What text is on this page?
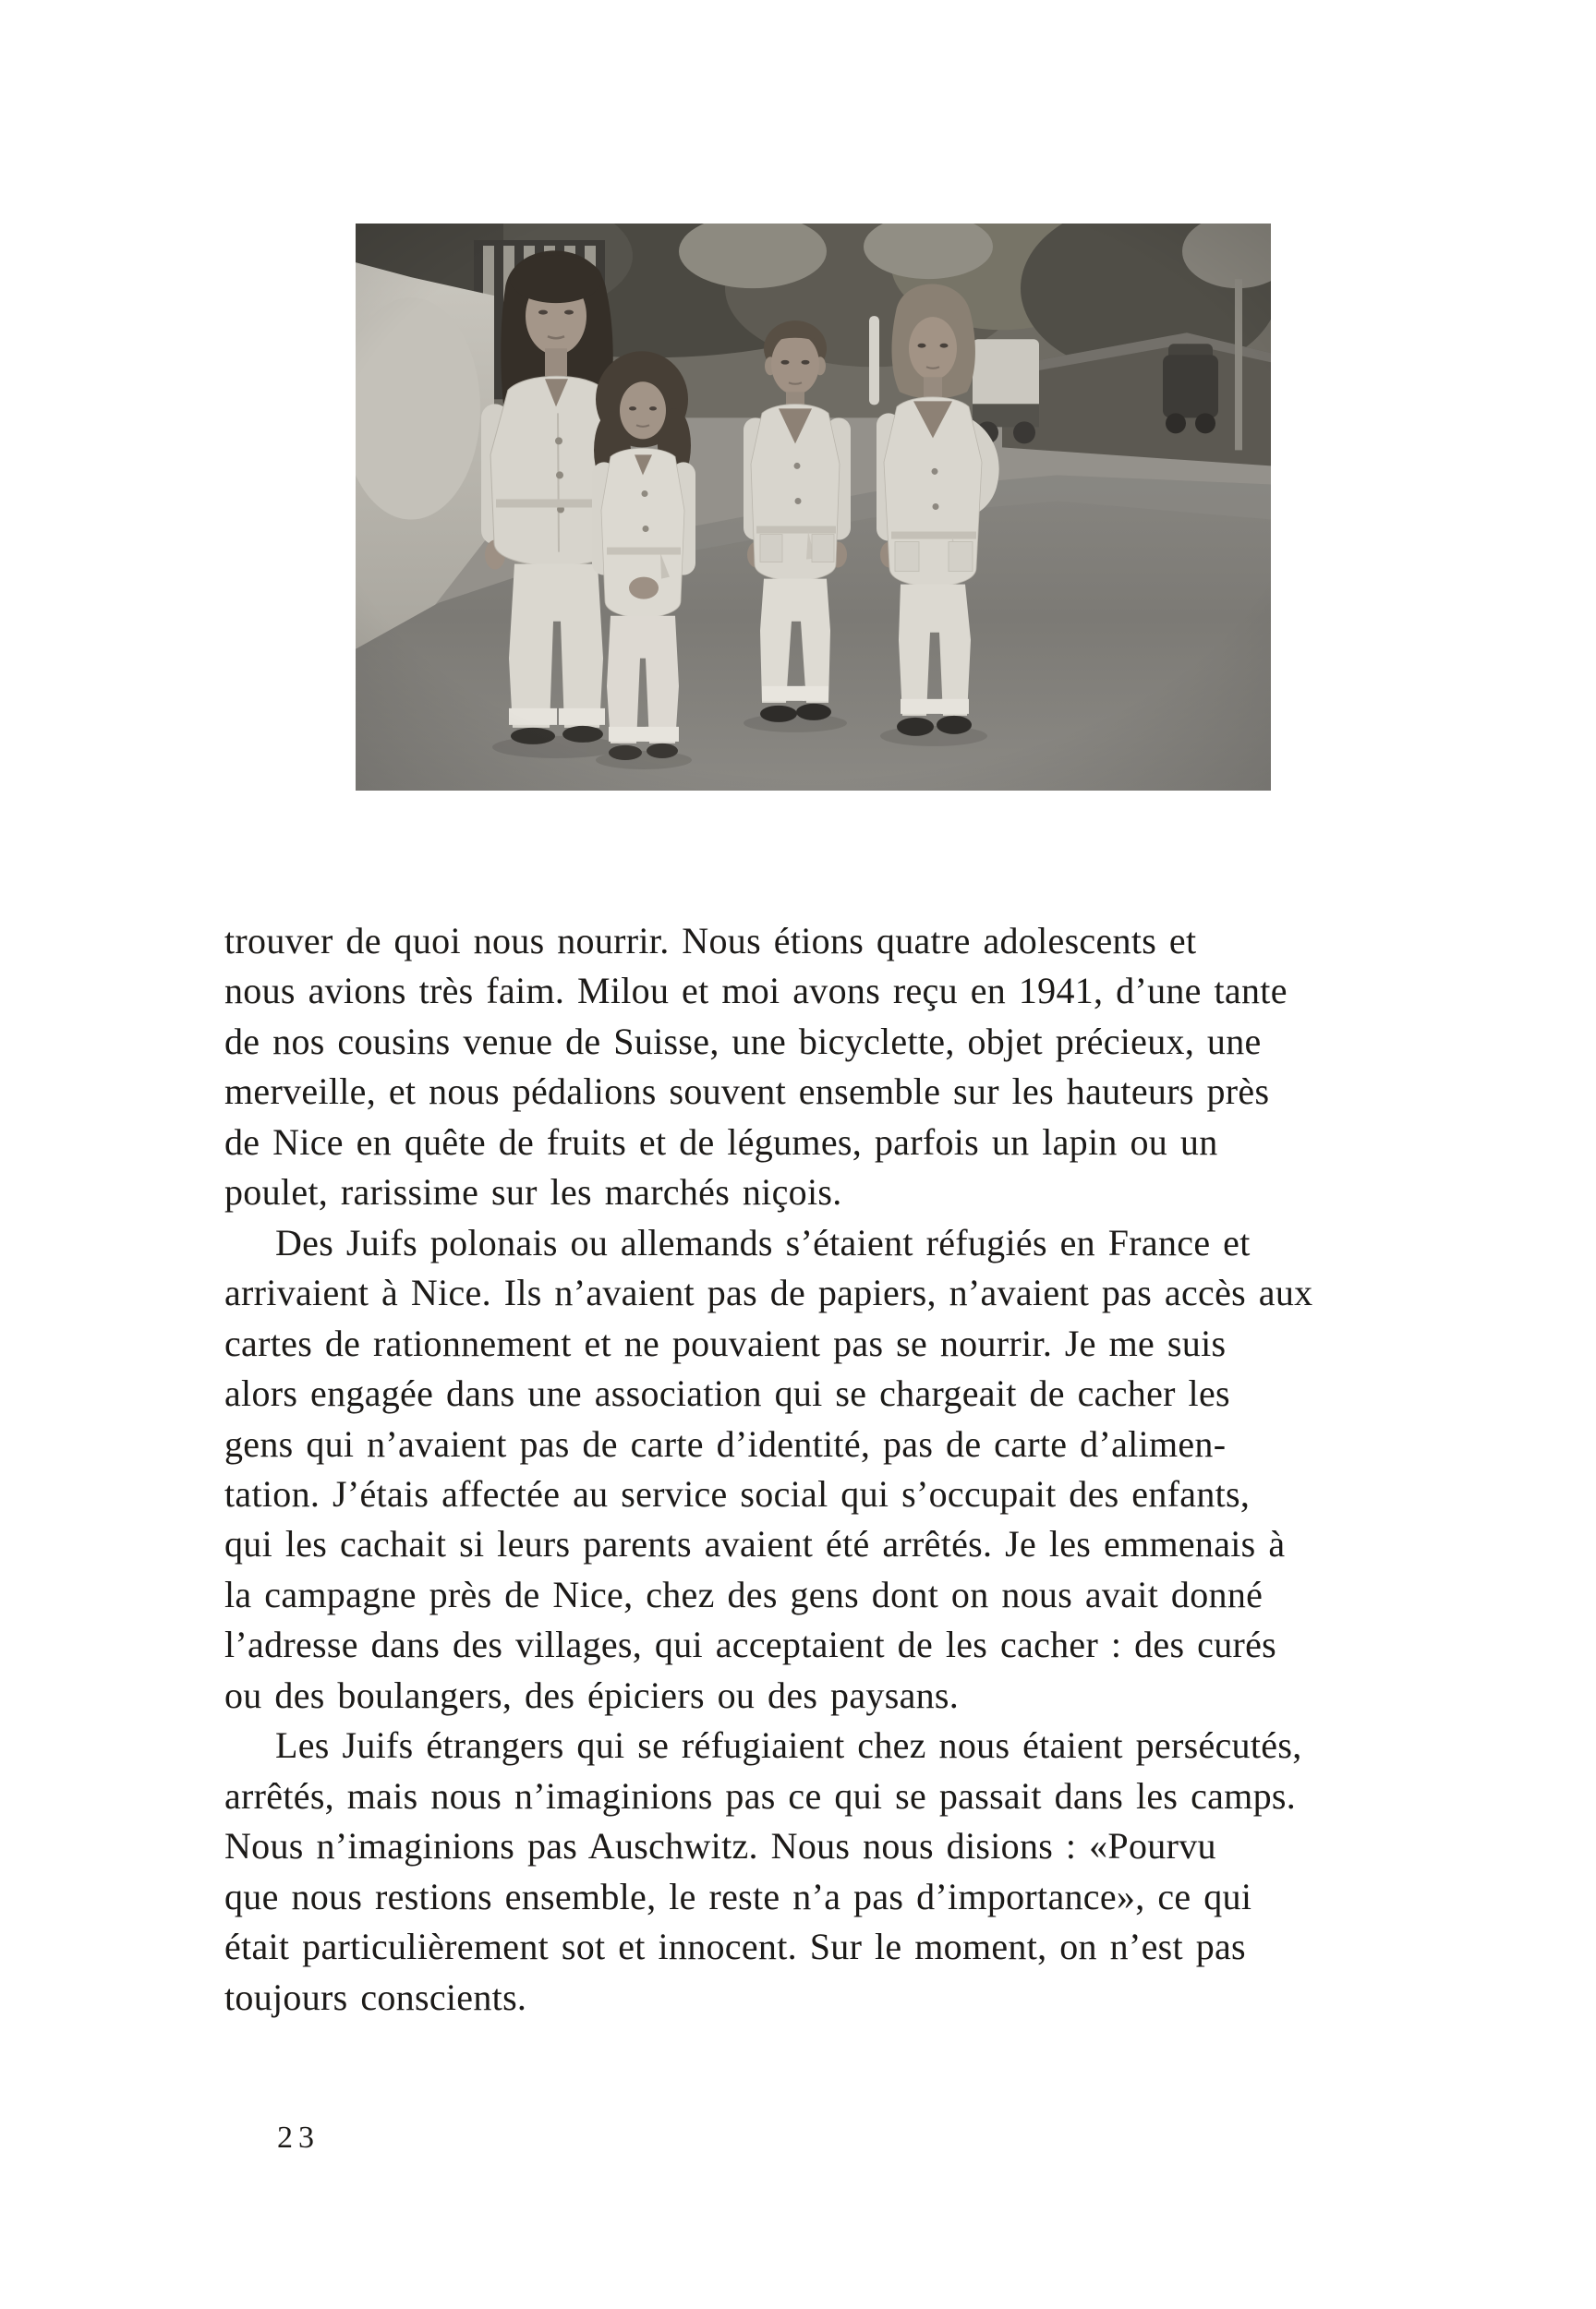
trouver de quoi nous nourrir. Nous étions quatre adolescents et
nous avions très faim. Milou et moi avons reçu en 1941, d’une tante
de nos cousins venue de Suisse, une bicyclette, objet précieux, une
merveille, et nous pédalions souvent ensemble sur les hauteurs près
de Nice en quête de fruits et de légumes, parfois un lapin ou un
poulet, rarissime sur les marchés niçois.
Des Juifs polonais ou allemands s’étaient réfugiés en France et
arrivaient à Nice. Ils n’avaient pas de papiers, n’avaient pas accès aux
cartes de rationnement et ne pouvaient pas se nourrir. Je me suis
alors engagée dans une association qui se chargeait de cacher les
gens qui n’avaient pas de carte d’identité, pas de carte d’alimen-
tation. J’étais affectée au service social qui s’occupait des enfants,
qui les cachait si leurs parents avaient été arrêtés. Je les emmenais à
la campagne près de Nice, chez des gens dont on nous avait donné
l’adresse dans des villages, qui acceptaient de les cacher : des curés
ou des boulangers, des épiciers ou des paysans.
Les Juifs étrangers qui se réfugiaient chez nous étaient persécutés,
arrêtés, mais nous n’imaginions pas ce qui se passait dans les camps.
Nous n’imaginions pas Auschwitz. Nous nous disions : «Pourvu
que nous restions ensemble, le reste n’a pas d’importance», ce qui
était particulièrement sot et innocent. Sur le moment, on n’est pas
toujours conscients.
23
